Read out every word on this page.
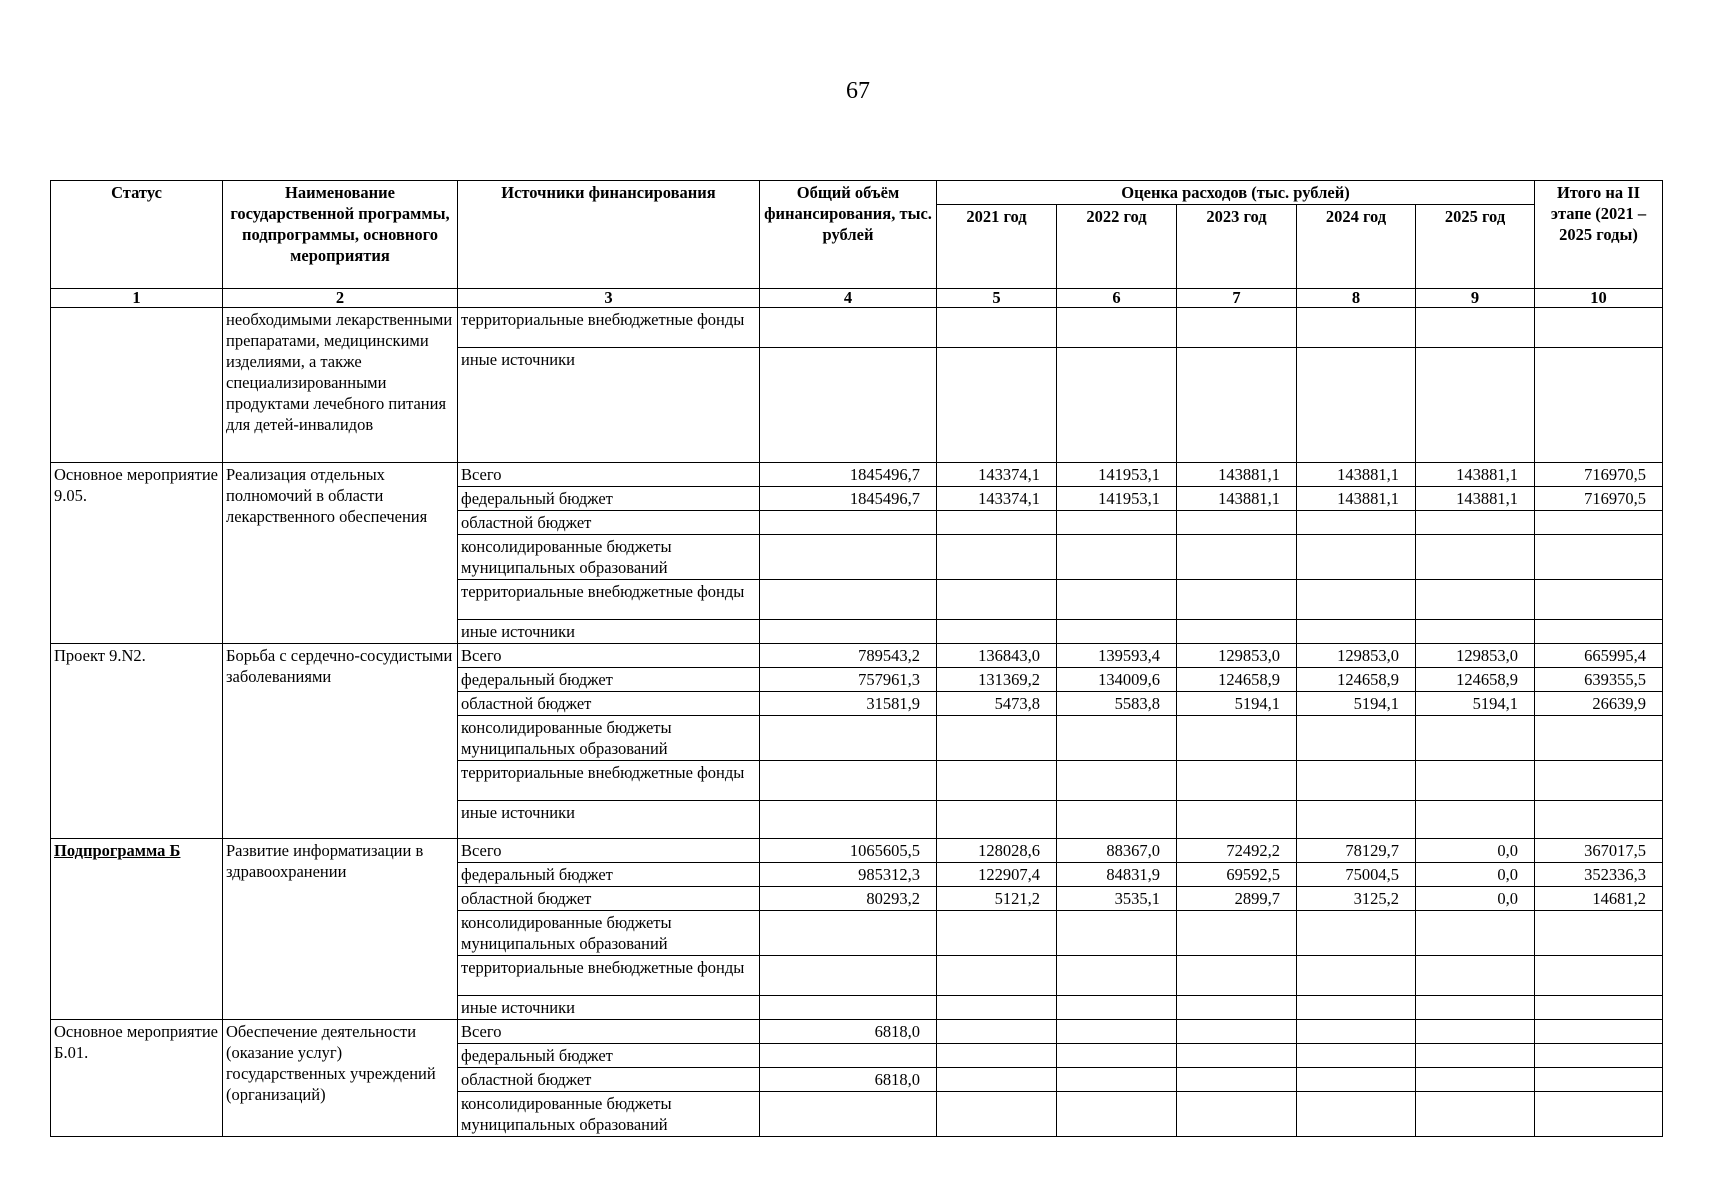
67
Статус	Наименование государственной программы, подпрограммы, основного мероприятия	Источники финансирования	Общий объём финансирования, тыс. рублей	Оценка расходов (тыс. рублей)					Итого на II этапе (2021 – 2025 годы)
				2021 год	2022 год	2023 год	2024 год	2025 год	
1	2	3	4	5	6	7	8	9	10
	необходимыми лекарственными препаратами, медицинскими изделиями, а также специализированными продуктами лечебного питания для детей-инвалидов	территориальные внебюджетные фонды							
		иные источники							
Основное мероприятие 9.05.	Реализация отдельных полномочий в области лекарственного обеспечения	Всего	1845496,7	143374,1	141953,1	143881,1	143881,1	143881,1	716970,5
		федеральный бюджет	1845496,7	143374,1	141953,1	143881,1	143881,1	143881,1	716970,5
		областной бюджет							
		консолидированные бюджеты муниципальных образований							
		территориальные внебюджетные фонды							
		иные источники							
Проект 9.N2.	Борьба с сердечно-сосудистыми заболеваниями	Всего	789543,2	136843,0	139593,4	129853,0	129853,0	129853,0	665995,4
		федеральный бюджет	757961,3	131369,2	134009,6	124658,9	124658,9	124658,9	639355,5
		областной бюджет	31581,9	5473,8	5583,8	5194,1	5194,1	5194,1	26639,9
		консолидированные бюджеты муниципальных образований							
		территориальные внебюджетные фонды							
		иные источники							
Подпрограмма Б	Развитие информатизации в здравоохранении	Всего	1065605,5	128028,6	88367,0	72492,2	78129,7	0,0	367017,5
		федеральный бюджет	985312,3	122907,4	84831,9	69592,5	75004,5	0,0	352336,3
		областной бюджет	80293,2	5121,2	3535,1	2899,7	3125,2	0,0	14681,2
		консолидированные бюджеты муниципальных образований							
		территориальные внебюджетные фонды							
		иные источники							
Основное мероприятие Б.01.	Обеспечение деятельности (оказание услуг) государственных учреждений (организаций)	Всего	6818,0						
		федеральный бюджет							
		областной бюджет	6818,0						
		консолидированные бюджеты муниципальных образований							
